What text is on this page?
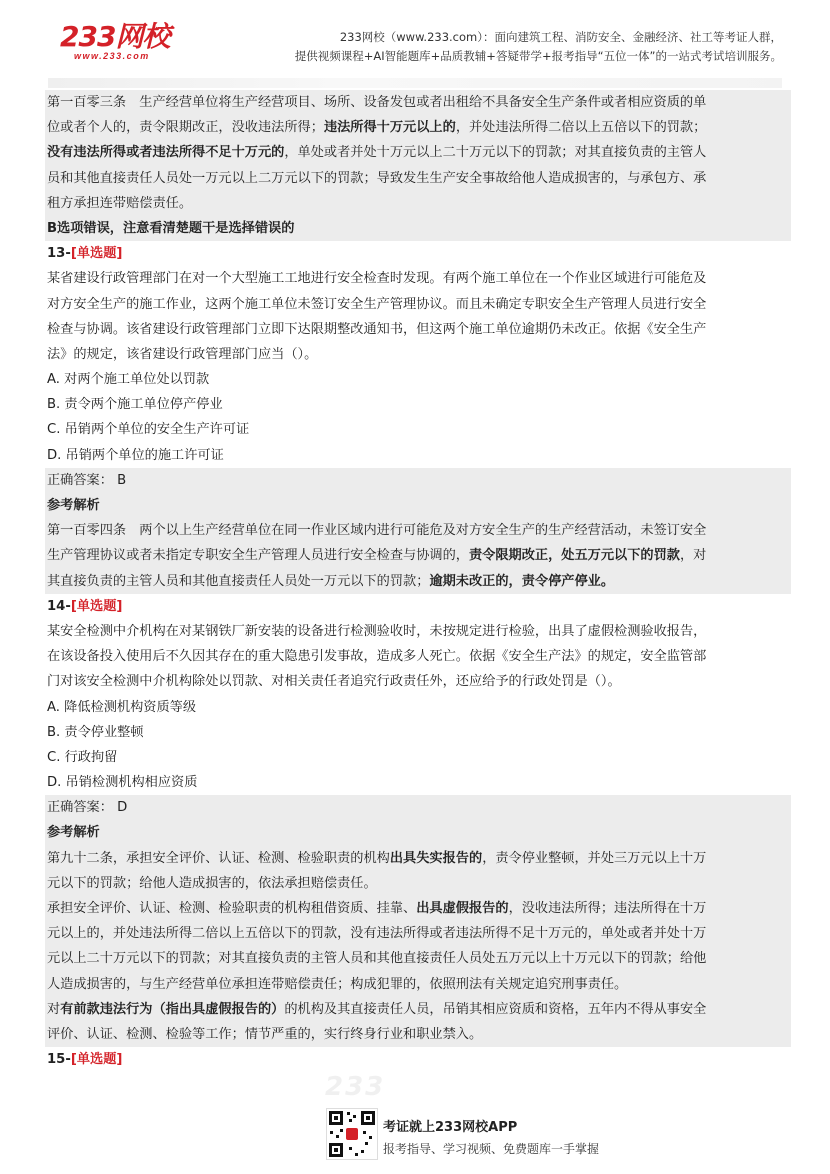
233网校
www.233.com
233网校（www.233.com）：面向建筑工程、消防安全、金融经济、社工等考证人群，
提供视频课程+AI智能题库+品质教辅+答疑带学+报考指导“五位一体”的一站式考试培训服务。
第一百零三条　生产经营单位将生产经营项目、场所、设备发包或者出租给不具备安全生产条件或者相应资质的单
位或者个人的，责令限期改正，没收违法所得；违法所得十万元以上的，并处违法所得二倍以上五倍以下的罚款；
没有违法所得或者违法所得不足十万元的，单处或者并处十万元以上二十万元以下的罚款；对其直接负责的主管人
员和其他直接责任人员处一万元以上二万元以下的罚款；导致发生生产安全事故给他人造成损害的，与承包方、承
租方承担连带赔偿责任。
B选项错误，注意看清楚题干是选择错误的
13-[单选题]
某省建设行政管理部门在对一个大型施工工地进行安全检查时发现。有两个施工单位在一个作业区域进行可能危及
对方安全生产的施工作业，这两个施工单位未签订安全生产管理协议。而且未确定专职安全生产管理人员进行安全
检查与协调。该省建设行政管理部门立即下达限期整改通知书，但这两个施工单位逾期仍未改正。依据《安全生产
法》的规定，该省建设行政管理部门应当（）。
A. 对两个施工单位处以罚款
B. 责令两个施工单位停产停业
C. 吊销两个单位的安全生产许可证
D. 吊销两个单位的施工许可证
正确答案： B
参考解析
第一百零四条　两个以上生产经营单位在同一作业区域内进行可能危及对方安全生产的生产经营活动，未签订安全
生产管理协议或者未指定专职安全生产管理人员进行安全检查与协调的，责令限期改正，处五万元以下的罚款，对
其直接负责的主管人员和其他直接责任人员处一万元以下的罚款；逾期未改正的，责令停产停业。
14-[单选题]
某安全检测中介机构在对某钢铁厂新安装的设备进行检测验收时，未按规定进行检验，出具了虚假检测验收报告，
在该设备投入使用后不久因其存在的重大隐患引发事故，造成多人死亡。依据《安全生产法》的规定，安全监管部
门对该安全检测中介机构除处以罚款、对相关责任者追究行政责任外，还应给予的行政处罚是（）。
A. 降低检测机构资质等级
B. 责令停业整顿
C. 行政拘留
D. 吊销检测机构相应资质
正确答案： D
参考解析
第九十二条，承担安全评价、认证、检测、检验职责的机构出具失实报告的，责令停业整顿，并处三万元以上十万
元以下的罚款；给他人造成损害的，依法承担赔偿责任。
承担安全评价、认证、检测、检验职责的机构租借资质、挂靠、出具虚假报告的，没收违法所得；违法所得在十万
元以上的，并处违法所得二倍以上五倍以下的罚款，没有违法所得或者违法所得不足十万元的，单处或者并处十万
元以上二十万元以下的罚款；对其直接负责的主管人员和其他直接责任人员处五万元以上十万元以下的罚款；给他
人造成损害的，与生产经营单位承担连带赔偿责任；构成犯罪的，依照刑法有关规定追究刑事责任。
对有前款违法行为（指出具虚假报告的）的机构及其直接责任人员，吊销其相应资质和资格，五年内不得从事安全
评价、认证、检测、检验等工作；情节严重的，实行终身行业和职业禁入。
15-[单选题]
233
考证就上233网校APP
报考指导、学习视频、免费题库一手掌握
